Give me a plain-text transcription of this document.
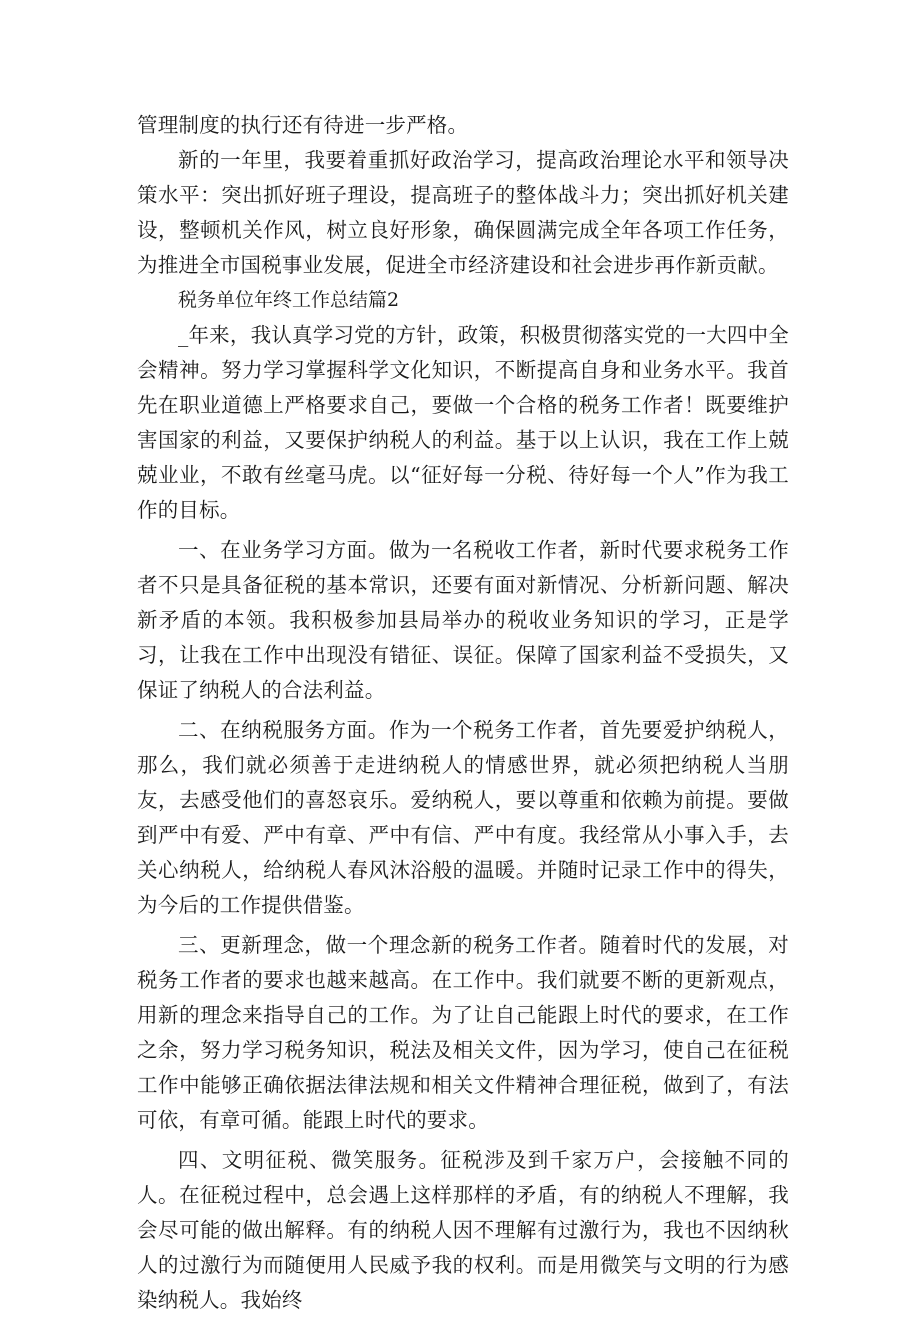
管理制度的执行还有待进一步严格。

新的一年里，我要着重抓好政治学习，提高政治理论水平和领导决策水平：突出抓好班子理设，提高班子的整体战斗力；突出抓好机关建设，整顿机关作风，树立良好形象，确保圆满完成全年各项工作任务，为推进全市国税事业发展，促进全市经济建设和社会进步再作新贡献。

税务单位年终工作总结篇2

_年来，我认真学习党的方针，政策，积极贯彻落实党的一大四中全会精神。努力学习掌握科学文化知识，不断提高自身和业务水平。我首先在职业道德上严格要求自己，要做一个合格的税务工作者！既要维护害国家的利益，又要保护纳税人的利益。基于以上认识，我在工作上兢兢业业，不敢有丝毫马虎。以“征好每一分税、待好每一个人”作为我工作的目标。

一、在业务学习方面。做为一名税收工作者，新时代要求税务工作者不只是具备征税的基本常识，还要有面对新情况、分析新问题、解决新矛盾的本领。我积极参加县局举办的税收业务知识的学习，正是学习，让我在工作中出现没有错征、误征。保障了国家利益不受损失，又保证了纳税人的合法利益。

二、在纳税服务方面。作为一个税务工作者，首先要爱护纳税人，那么，我们就必须善于走进纳税人的情感世界，就必须把纳税人当朋友，去感受他们的喜怒哀乐。爱纳税人，要以尊重和依赖为前提。要做到严中有爱、严中有章、严中有信、严中有度。我经常从小事入手，去关心纳税人，给纳税人春风沐浴般的温暖。并随时记录工作中的得失，为今后的工作提供借鉴。

三、更新理念，做一个理念新的税务工作者。随着时代的发展，对税务工作者的要求也越来越高。在工作中。我们就要不断的更新观点，用新的理念来指导自己的工作。为了让自己能跟上时代的要求，在工作之余，努力学习税务知识，税法及相关文件，因为学习，使自己在征税工作中能够正确依据法律法规和相关文件精神合理征税，做到了，有法可依，有章可循。能跟上时代的要求。

四、文明征税、微笑服务。征税涉及到千家万户，会接触不同的人。在征税过程中，总会遇上这样那样的矛盾，有的纳税人不理解，我会尽可能的做出解释。有的纳税人因不理解有过激行为，我也不因纳秋人的过激行为而随便用人民威予我的权利。而是用微笑与文明的行为感染纳税人。我始终
